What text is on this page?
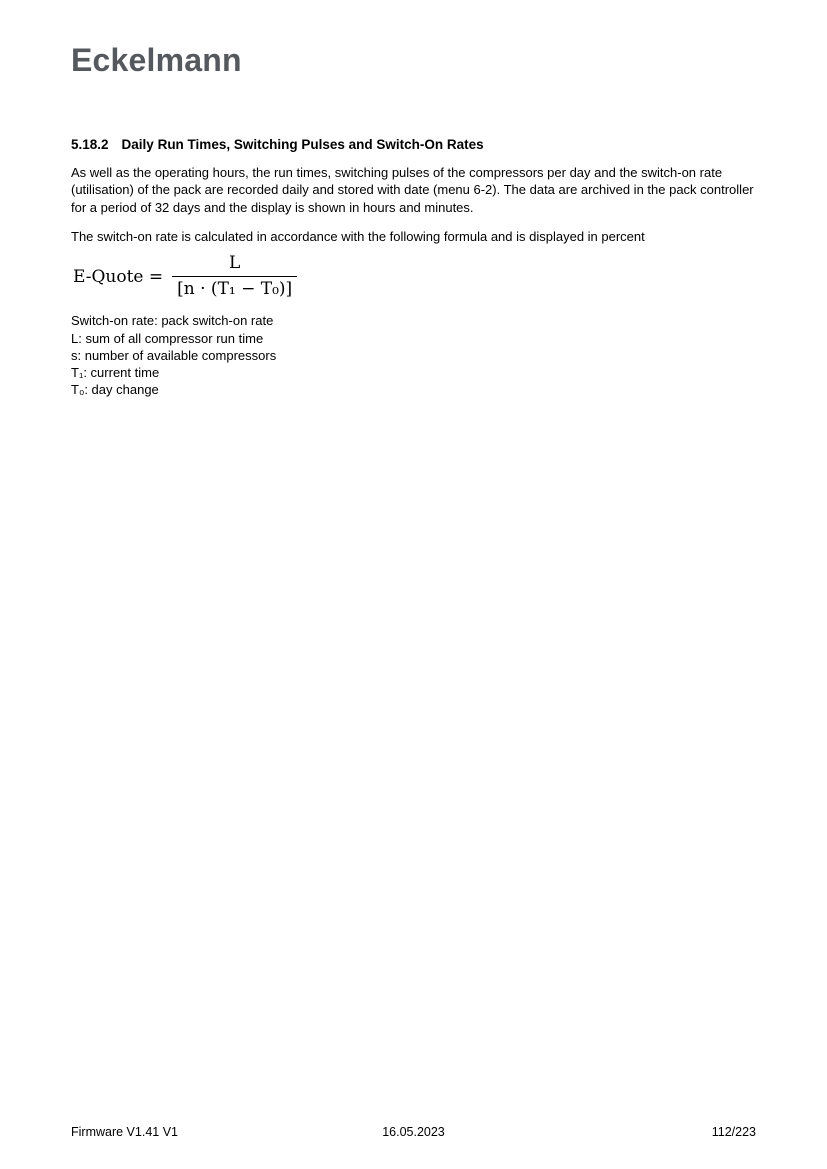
Eckelmann
5.18.2 Daily Run Times, Switching Pulses and Switch-On Rates

As well as the operating hours, the run times, switching pulses of the compressors per day and the switch-on rate (utilisation) of the pack are recorded daily and stored with date (menu 6-2). The data are archived in the pack controller for a period of 32 days and the display is shown in hours and minutes.

The switch-on rate is calculated in accordance with the following formula and is displayed in percent

E-Quote = $\frac{L}{\text{[n · (T₁ − T₀)]}}$
Switch-on rate: pack switch-on rate
L: sum of all compressor run time
s: number of available compressors
T₁: current time
T₀: day change
Firmware V1.41 V1	16.05.2023	112/223
